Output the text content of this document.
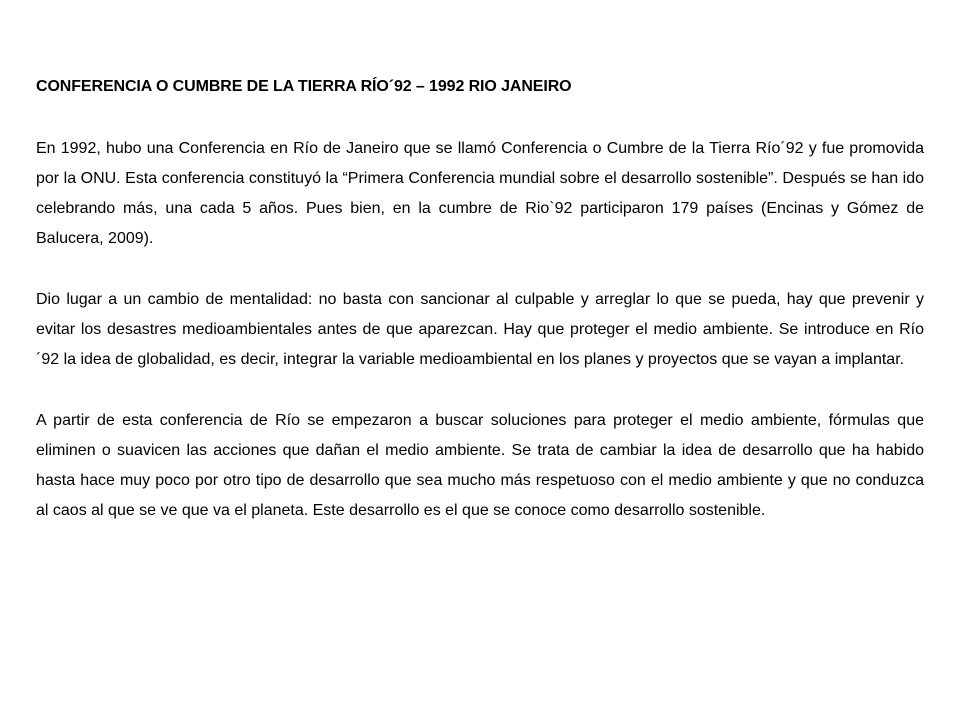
CONFERENCIA O CUMBRE DE LA TIERRA RÍO´92 – 1992 RIO JANEIRO

En 1992, hubo una Conferencia en Río de Janeiro que se llamó Conferencia o Cumbre de la Tierra Río´92 y fue promovida por la ONU. Esta conferencia constituyó la “Primera Conferencia mundial sobre el desarrollo sostenible”. Después se han ido celebrando más, una cada 5 años. Pues bien, en la cumbre de Rio`92 participaron 179 países (Encinas y Gómez de Balucera, 2009).

Dio lugar a un cambio de mentalidad: no basta con sancionar al culpable y arreglar lo que se pueda, hay que prevenir y evitar los desastres medioambientales antes de que aparezcan. Hay que proteger el medio ambiente. Se introduce en Río´92 la idea de globalidad, es decir, integrar la variable medioambiental en los planes y proyectos que se vayan a implantar.

A partir de esta conferencia de Río se empezaron a buscar soluciones para proteger el medio ambiente, fórmulas que eliminen o suavicen las acciones que dañan el medio ambiente. Se trata de cambiar la idea de desarrollo que ha habido hasta hace muy poco por otro tipo de desarrollo que sea mucho más respetuoso con el medio ambiente y que no conduzca al caos al que se ve que va el planeta. Este desarrollo es el que se conoce como desarrollo sostenible.
